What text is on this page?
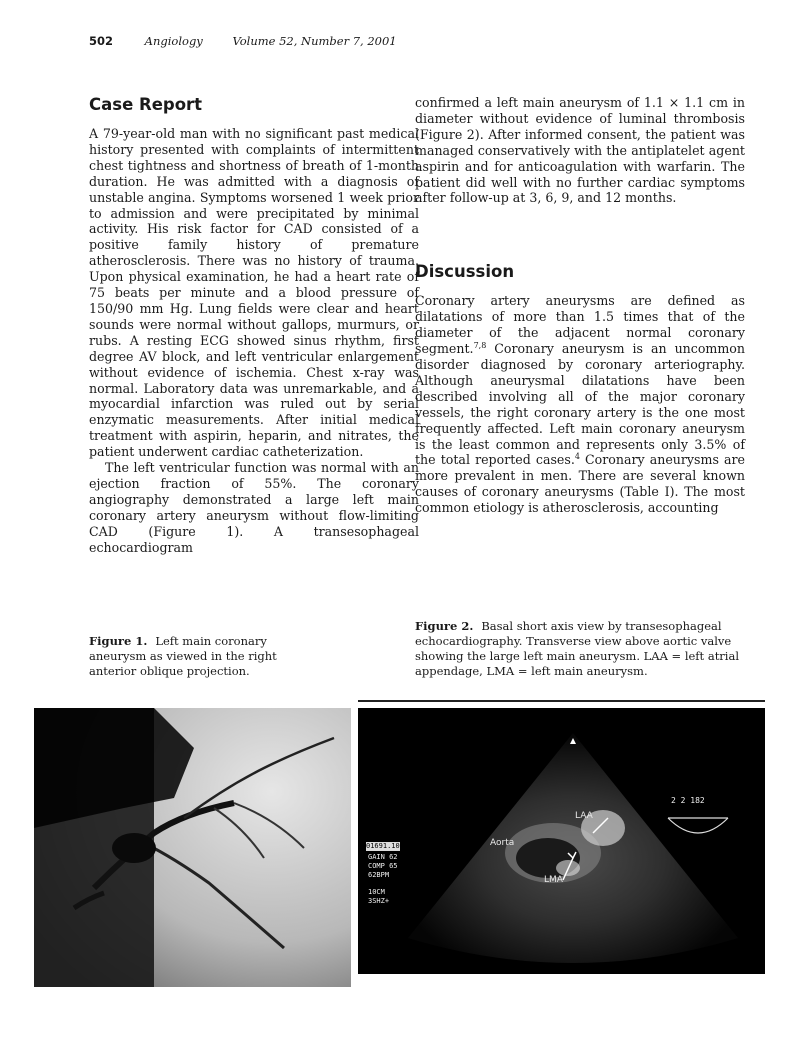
502	Angiology	Volume 52, Number 7, 2001
Case Report

A 79-year-old man with no significant past medical history presented with complaints of intermittent chest tightness and shortness of breath of 1-month duration. He was admitted with a diagnosis of unstable angina. Symptoms worsened 1 week prior to admission and were precipitated by minimal activity. His risk factor for CAD consisted of a positive family history of premature atherosclerosis. There was no history of trauma. Upon physical examination, he had a heart rate of 75 beats per minute and a blood pressure of 150/90 mm Hg. Lung fields were clear and heart sounds were normal without gallops, murmurs, or rubs. A resting ECG showed sinus rhythm, first degree AV block, and left ventricular enlargement without evidence of ischemia. Chest x-ray was normal. Laboratory data was unremarkable, and a myocardial infarction was ruled out by serial enzymatic measurements. After initial medical treatment with aspirin, heparin, and nitrates, the patient underwent cardiac catheterization.

The left ventricular function was normal with an ejection fraction of 55%. The coronary angiography demonstrated a large left main coronary artery aneurysm without flow-limiting CAD (Figure 1). A transesophageal echocardiogram

confirmed a left main aneurysm of 1.1 × 1.1 cm in diameter without evidence of luminal thrombosis (Figure 2). After informed consent, the patient was managed conservatively with the antiplatelet agent aspirin and for anticoagulation with warfarin. The patient did well with no further cardiac symptoms after follow-up at 3, 6, 9, and 12 months.

Discussion

Coronary artery aneurysms are defined as dilatations of more than 1.5 times that of the diameter of the adjacent normal coronary segment.$^{7,8}$ Coronary aneurysm is an uncommon disorder diagnosed by coronary arteriography. Although aneurysmal dilatations have been described involving all of the major coronary vessels, the right coronary artery is the one most frequently affected. Left main coronary aneurysm is the least common and represents only 3.5% of the total reported cases.$^4$ Coronary aneurysms are more prevalent in men. There are several known causes of coronary aneurysms (Table I). The most common etiology is atherosclerosis, accounting

Figure 1. Left main coronary aneurysm as viewed in the right anterior oblique projection.
Figure 2. Basal short axis view by transesophageal echocardiography. Transverse view above aortic valve showing the large left main aneurysm. LAA = left atrial appendage, LMA = left main aneurysm.
Aorta
LAA
LMA
2 2 182
01691.10
GAIN 62
COMP 65
62BPM
10CM
3SHZ+
